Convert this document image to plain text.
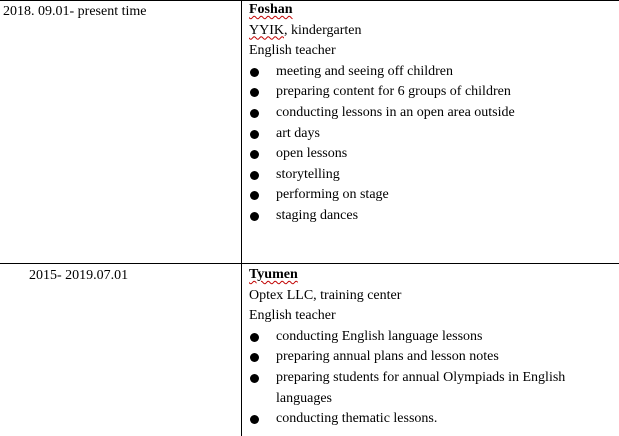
2018. 09.01- present time	Foshan
YYIK, kindergarten
English teacher
meeting and seeing off children
preparing content for 6 groups of children
conducting lessons in an open area outside
art days
open lessons
storytelling
performing on stage
staging dances
2015- 2019.07.01	Tyumen
Optex LLC, training center
English teacher
conducting English language lessons
preparing annual plans and lesson notes
preparing students for annual Olympiads in English languages
conducting thematic lessons.
